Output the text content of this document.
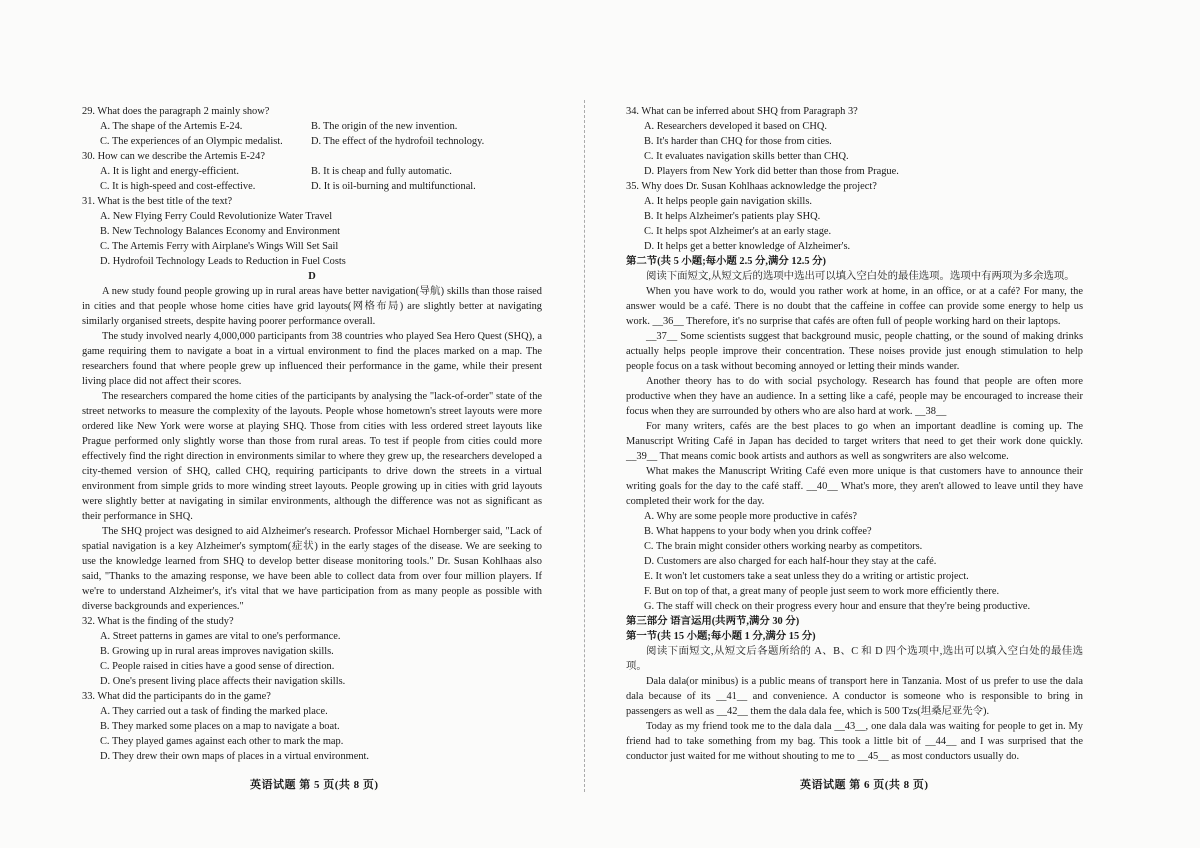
29. What does the paragraph 2 mainly show?

A. The shape of the Artemis E-24.	B. The origin of the new invention.

C. The experiences of an Olympic medalist.	D. The effect of the hydrofoil technology.

30. How can we describe the Artemis E-24?

A. It is light and energy-efficient.	B. It is cheap and fully automatic.

C. It is high-speed and cost-effective.	D. It is oil-burning and multifunctional.

31. What is the best title of the text?

A. New Flying Ferry Could Revolutionize Water Travel

B. New Technology Balances Economy and Environment

C. The Artemis Ferry with Airplane's Wings Will Set Sail

D. Hydrofoil Technology Leads to Reduction in Fuel Costs

D

A new study found people growing up in rural areas have better navigation(导航) skills than those raised in cities and that people whose home cities have grid layouts(网格布局) are slightly better at navigating similarly organised streets, despite having poorer performance overall.

The study involved nearly 4,000,000 participants from 38 countries who played Sea Hero Quest (SHQ), a game requiring them to navigate a boat in a virtual environment to find the places marked on a map. The researchers found that where people grew up influenced their performance in the game, while their present living place did not affect their scores.

The researchers compared the home cities of the participants by analysing the "lack-of-order" state of the street networks to measure the complexity of the layouts. People whose hometown's street layouts were more ordered like New York were worse at playing SHQ. Those from cities with less ordered street layouts like Prague performed only slightly worse than those from rural areas. To test if people from cities could more effectively find the right direction in environments similar to where they grew up, the researchers developed a city-themed version of SHQ, called CHQ, requiring participants to drive down the streets in a virtual environment from simple grids to more winding street layouts. People growing up in cities with grid layouts were slightly better at navigating in similar environments, although the difference was not as significant as their performance in SHQ.

The SHQ project was designed to aid Alzheimer's research. Professor Michael Hornberger said, "Lack of spatial navigation is a key Alzheimer's symptom(症状) in the early stages of the disease. We are seeking to use the knowledge learned from SHQ to develop better disease monitoring tools." Dr. Susan Kohlhaas also said, "Thanks to the amazing response, we have been able to collect data from over four million players. If we're to understand Alzheimer's, it's vital that we have participation from as many people as possible with diverse backgrounds and experiences."

32. What is the finding of the study?

A. Street patterns in games are vital to one's performance.

B. Growing up in rural areas improves navigation skills.

C. People raised in cities have a good sense of direction.

D. One's present living place affects their navigation skills.

33. What did the participants do in the game?

A. They carried out a task of finding the marked place.

B. They marked some places on a map to navigate a boat.

C. They played games against each other to mark the map.

D. They drew their own maps of places in a virtual environment.

34. What can be inferred about SHQ from Paragraph 3?

A. Researchers developed it based on CHQ.

B. It's harder than CHQ for those from cities.

C. It evaluates navigation skills better than CHQ.

D. Players from New York did better than those from Prague.

35. Why does Dr. Susan Kohlhaas acknowledge the project?

A. It helps people gain navigation skills.

B. It helps Alzheimer's patients play SHQ.

C. It helps spot Alzheimer's at an early stage.

D. It helps get a better knowledge of Alzheimer's.

第二节(共 5 小题;每小题 2.5 分,满分 12.5 分)

阅读下面短文,从短文后的选项中选出可以填入空白处的最佳选项。选项中有两项为多余选项。

When you have work to do, would you rather work at home, in an office, or at a café? For many, the answer would be a café. There is no doubt that the caffeine in coffee can provide some energy to help us work. __36__ Therefore, it's no surprise that cafés are often full of people working hard on their laptops.

__37__ Some scientists suggest that background music, people chatting, or the sound of making drinks actually helps people improve their concentration. These noises provide just enough stimulation to help people focus on a task without becoming annoyed or letting their minds wander.

Another theory has to do with social psychology. Research has found that people are often more productive when they have an audience. In a setting like a café, people may be encouraged to increase their focus when they are surrounded by others who are also hard at work. __38__

For many writers, cafés are the best places to go when an important deadline is coming up. The Manuscript Writing Café in Japan has decided to target writers that need to get their work done quickly. __39__ That means comic book artists and authors as well as songwriters are also welcome.

What makes the Manuscript Writing Café even more unique is that customers have to announce their writing goals for the day to the café staff. __40__ What's more, they aren't allowed to leave until they have completed their work for the day.

A. Why are some people more productive in cafés?

B. What happens to your body when you drink coffee?

C. The brain might consider others working nearby as competitors.

D. Customers are also charged for each half-hour they stay at the café.

E. It won't let customers take a seat unless they do a writing or artistic project.

F. But on top of that, a great many of people just seem to work more efficiently there.

G. The staff will check on their progress every hour and ensure that they're being productive.

第三部分 语言运用(共两节,满分 30 分)

第一节(共 15 小题;每小题 1 分,满分 15 分)

阅读下面短文,从短文后各题所给的 A、B、C 和 D 四个选项中,选出可以填入空白处的最佳选项。

Dala dala(or minibus) is a public means of transport here in Tanzania. Most of us prefer to use the dala dala because of its __41__ and convenience. A conductor is someone who is responsible to bring in passengers as well as __42__ them the dala dala fee, which is 500 Tzs(坦桑尼亚先令).

Today as my friend took me to the dala dala __43__, one dala dala was waiting for people to get in. My friend had to take something from my bag. This took a little bit of __44__ and I was surprised that the conductor just waited for me without shouting to me to __45__ as most conductors usually do.

英语试题 第 5 页(共 8 页)	英语试题 第 6 页(共 8 页)
